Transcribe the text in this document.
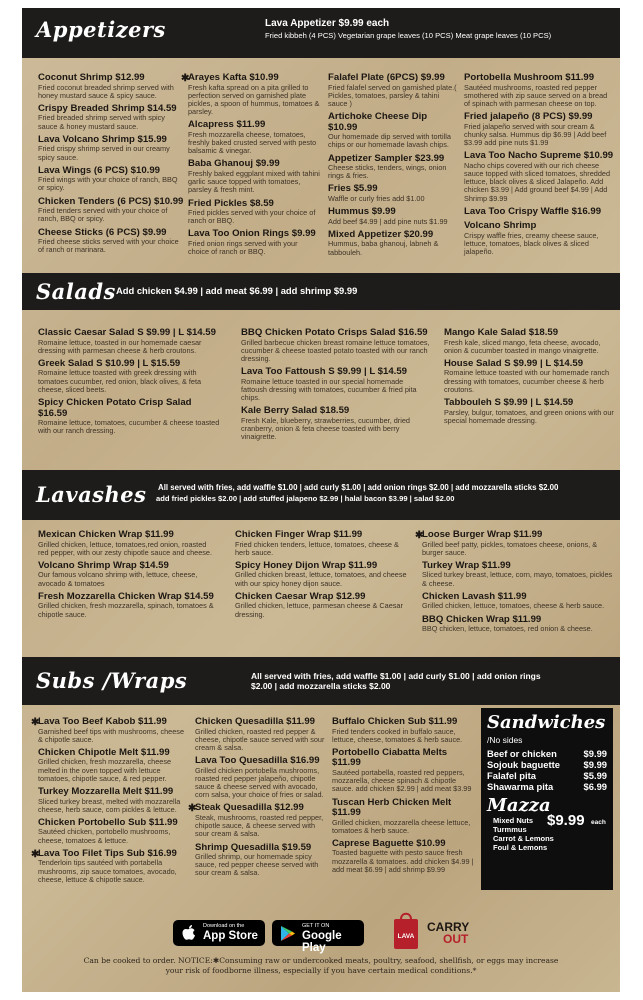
Appetizers	Lava Appetizer $9.99 each
Fried kibbeh (4 PCS) Vegetarian grape leaves (10 PCS) Meat grape leaves (10 PCS)
Coconut Shrimp $12.99
Fried coconut breaded shrimp served with honey mustard sauce & spicy sauce.
Crispy Breaded Shrimp $14.59
Fried breaded shrimp served with spicy sauce & honey mustard sauce.
Lava Volcano Shrimp $15.99
Fried crispy shrimp served in our creamy spicy sauce.
Lava Wings (6 PCS) $10.99
Fried wings with your choice of ranch, BBQ or spicy.
Chicken Tenders (6 PCS) $10.99
Fried tenders served with your choice of ranch, BBQ or spicy.
Cheese Sticks (6 PCS) $9.99
Fried cheese sticks served with your choice of ranch or marinara.
✱
Arayes Kafta $10.99
Fresh kafta spread on a pita grilled to perfection served on garnished plate pickles, a spoon of hummus, tomatoes & parsley.
Alcapress $11.99
Fresh mozzarella cheese, tomatoes, freshly baked crusted served with pesto balsamic & vinegar.
Baba Ghanouj $9.99
Freshly baked eggplant mixed with tahini garlic sauce topped with tomatoes, parsley & fresh mint.
Fried Pickles $8.59
Fried pickles served with your choice of ranch or BBQ.
Lava Too Onion Rings $9.99
Fried onion rings served with your choice of ranch or BBQ.
Falafel Plate (6PCS) $9.99
Fried falafel served on garnished plate.( Pickles, tomatoes, parsley & tahini sauce )
Artichoke Cheese Dip $10.99
Our homemade dip served with tortilla chips or our homemade lavash chips.
Appetizer Sampler $23.99
Cheese sticks, tenders, wings, onion rings & fries.
Fries $5.99
Waffle or curly fries add $1.00
Hummus $9.99
Add beef $4.99 | add pine nuts $1.99
Mixed Appetizer $20.99
Hummus, baba ghanouj, labneh & tabbouleh.
Portobella Mushroom $11.99
Sautéed mushrooms, roasted red pepper smothered with zip sauce served on a bread of spinach with parmesan cheese on top.
Fried jalapeño (8 PCS) $9.99
Fried jalapeño served with sour cream & chunky salsa. Hummus dip $6.99 | Add beef $3.99 add pine nuts $1.99
Lava Too Nacho Supreme $10.99
Nacho chips covered with our rich cheese sauce topped with sliced tomatoes, shredded lettuce, black olives & sliced Jalapeño. Add chicken $3.99 | Add ground beef $4.99 | Add Shrimp $9.99
Lava Too Crispy Waffle $16.99
Volcano Shrimp
Crispy waffle fries, creamy cheese sauce, lettuce, tomatoes, black olives & sliced jalapeño.
Salads Add chicken $4.99 | add meat $6.99 | add shrimp $9.99
Classic Caesar Salad S $9.99 | L $14.59
Romaine lettuce, toasted in our homemade caesar dressing with parmesan cheese & herb croutons.
Greek Salad S $10.99 | L $15.59
Romaine lettuce toasted with greek dressing with tomatoes cucumber, red onion, black olives, & feta cheese, sliced beets.
Spicy Chicken Potato Crisp Salad $16.59
Romaine lettuce, tomatoes, cucumber & cheese toasted with our ranch dressing.
BBQ Chicken Potato Crisps Salad $16.59
Grilled barbecue chicken breast romaine lettuce tomatoes, cucumber & cheese toasted potato toasted with our ranch dressing.
Lava Too Fattoush S $9.99 | L $14.59
Romaine lettuce toasted in our special homemade fattoush dressing with tomatoes, cucumber & fried pita chips.
Kale Berry Salad $18.59
Fresh Kale, blueberry, strawberries, cucumber, dried cranberry, onion & feta cheese toasted with berry vinaigrette.
Mango Kale Salad $18.59
Fresh kale, sliced mango, feta cheese, avocado, onion & cucumber toasted in mango vinaigrette.
House Salad S $9.99 | L $14.59
Romaine lettuce toasted with our homemade ranch dressing with tomatoes, cucumber cheese & herb croutons.
Tabbouleh S $9.99 | L $14.59
Parsley, bulgur, tomatoes, and green onions with our special homemade dressing.
Lavashes All served with fries, add waffle $1.00 | add curly $1.00 | add onion rings $2.00 | add mozzarella sticks $2.00
add fried pickles $2.00 | add stuffed jalapeno $2.99 | halal bacon $3.99 | salad $2.00
Mexican Chicken Wrap $11.99
Grilled chicken, lettuce, tomatoes,red onion, roasted red pepper, with our zesty chipotle sauce and cheese.
Volcano Shrimp Wrap $14.59
Our famous volcano shrimp with, lettuce, cheese, avocado & tomatoes
Fresh Mozzarella Chicken Wrap $14.59
Grilled chicken, fresh mozzarella, spinach, tomatoes & chipotle sauce.
Chicken Finger Wrap $11.99
Fried chicken tenders, lettuce, tomatoes, cheese & herb sauce.
Spicy Honey Dijon Wrap $11.99
Grilled chicken breast, lettuce, tomatoes, and cheese with our spicy honey dijon sauce.
Chicken Caesar Wrap $12.99
Grilled chicken, lettuce, parmesan cheese & Caesar dressing.
✱
Loose Burger Wrap $11.99
Grilled beef patty, pickles, tomatoes cheese, onions, & burger sauce.
Turkey Wrap $11.99
Sliced turkey breast, lettuce, corn, mayo, tomatoes, pickles & cheese.
Chicken Lavash $11.99
Grilled chicken, lettuce, tomatoes, cheese & herb sauce.
BBQ Chicken Wrap $11.99
BBQ chicken, lettuce, tomatoes, red onion & cheese.
Subs /Wraps	All served with fries, add waffle $1.00 | add curly $1.00 | add onion rings
$2.00 | add mozzarella sticks $2.00
✱
Lava Too Beef Kabob $11.99
Garnished beef tips with mushrooms, cheese & chipotle sauce.
Chicken Chipotle Melt $11.99
Grilled chicken, fresh mozzarella, cheese melted in the oven topped with lettuce tomatoes, chipotle sauce, & red pepper.
Turkey Mozzarella Melt $11.99
Sliced turkey breast, melted with mozzarella cheese, herb sauce, corn pickles & lettuce.
Chicken Portobello Sub $11.99
Sautéed chicken, portobello mushrooms, cheese, tomatoes & lettuce.
✱
Lava Too Filet Tips Sub $16.99
Tenderloin tips sautéed with portabella mushrooms, zip sauce tomatoes, avocado, cheese, lettuce & chipotle sauce.
Chicken Quesadilla $11.99
Grilled chicken, roasted red pepper & cheese, chipotle sauce served with sour cream & salsa.
Lava Too Quesadilla $16.99
Grilled chicken portobella mushrooms, roasted red pepper jalapeño, chipotle sauce & cheese served with avocado, corn salsa, your choice of fries or salad.
✱
Steak Quesadilla $12.99
Steak, mushrooms, roasted red pepper, chipotle sauce, & cheese served with sour cream & salsa.
Shrimp Quesadilla $19.59
Grilled shrimp, our homemade spicy sauce, red pepper cheese served with sour cream & salsa.
Buffalo Chicken Sub $11.99
Fried tenders cooked in buffalo sauce, lettuce, cheese, tomatoes & herb sauce.
Portobello Ciabatta Melts $11.99
Sautéed portabella, roasted red peppers, mozzarella, cheese spinach & chipotle sauce. add chicken $2.99 | add meat $3.99
Tuscan Herb Chicken Melt $11.99
Grilled chicken, mozzarella cheese lettuce, tomatoes & herb sauce.
Caprese Baguette $10.99
Toasted baguette with pesto sauce fresh mozzarella & tomatoes. add chicken $4.99 | add meat $6.99 | add shrimp $9.99
Sandwiches
/No sides
Beef or chicken	$9.99
Sojouk baguette	$9.99
Falafel pita	$5.99
Shawarma pita	$6.99
Mazza
Mixed Nuts
Turmmus
Carrot & Lemons
Foul & Lemons
$9.99 each
Download on the
App Store
GET IT ON
Google Play
LAVA
CARRY
OUT
Can be cooked to order. NOTICE:✱Consuming raw or undercooked meats, poultry, seafood, shellfish, or eggs may increase
your risk of foodborne illness, especially if you have certain medical conditions.*
